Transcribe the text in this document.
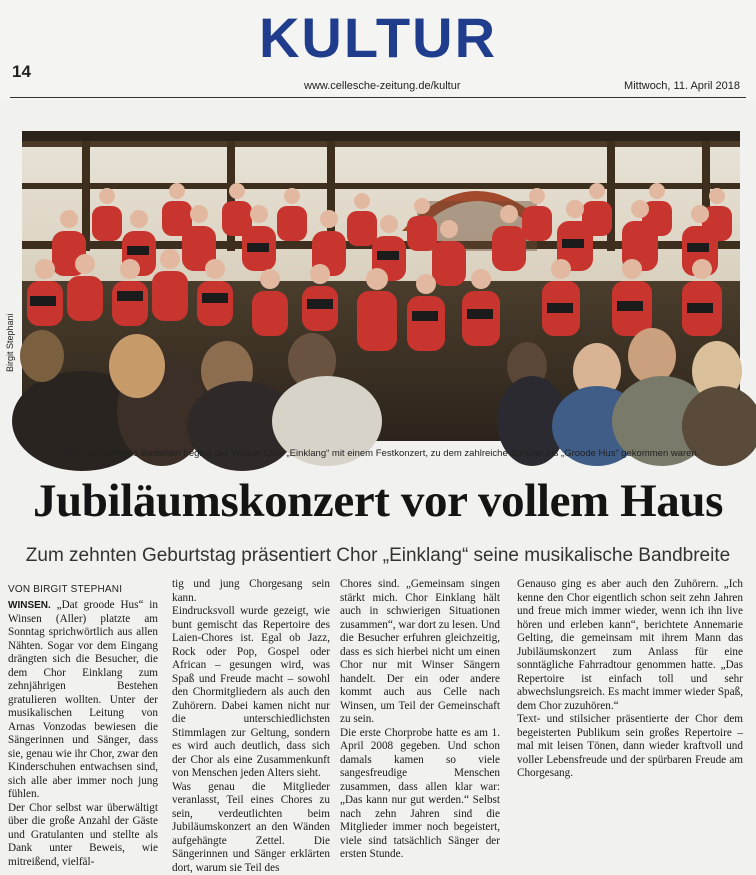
KULTUR
14
www.cellesche-zeitung.de/kultur	Mittwoch, 11. April 2018
Birgit Stephani
Sein zehnjähriges Bestehen beging der Winser Chor „Einklang“ mit einem Festkonzert, zu dem zahlreiche Zuhörer ins „Groode Hus“ gekommen waren.
Jubiläumskonzert vor vollem Haus
Zum zehnten Geburtstag präsentiert Chor „Einklang“ seine musikalische Bandbreite
VON BIRGIT STEPHANI

WINSEN. „Dat groode Hus“ in Winsen (Aller) platzte am Sonntag sprichwörtlich aus allen Nähten. Sogar vor dem Eingang drängten sich die Besucher, die dem Chor Einklang zum zehnjährigen Bestehen gratulieren wollten. Unter der musikalischen Leitung von Arnas Vonzodas bewiesen die Sängerinnen und Sänger, dass sie, genau wie ihr Chor, zwar den Kinderschuhen entwachsen sind, sich alle aber immer noch jung fühlen.

Der Chor selbst war überwältigt über die große Anzahl der Gäste und Gratulanten und stellte als Dank unter Beweis, wie mitreißend, vielfäl-

tig und jung Chorgesang sein kann.

Eindrucksvoll wurde gezeigt, wie bunt gemischt das Repertoire des Laien-Chores ist. Egal ob Jazz, Rock oder Pop, Gospel oder African – gesungen wird, was Spaß und Freude macht – sowohl den Chormitgliedern als auch den Zuhörern. Dabei kamen nicht nur die unterschiedlichsten Stimmlagen zur Geltung, sondern es wird auch deutlich, dass sich der Chor als eine Zusammenkunft von Menschen jeden Alters sieht.

Was genau die Mitglieder veranlasst, Teil eines Chores zu sein, verdeutlichten beim Jubiläumskonzert an den Wänden aufgehängte Zettel. Die Sängerinnen und Sänger erklärten dort, warum sie Teil des

Chores sind. „Gemeinsam singen stärkt mich. Chor Einklang hält auch in schwierigen Situationen zusammen“, war dort zu lesen. Und die Besucher erfuhren gleichzeitig, dass es sich hierbei nicht um einen Chor nur mit Winser Sängern handelt. Der ein oder andere kommt auch aus Celle nach Winsen, um Teil der Gemeinschaft zu sein.

Die erste Chorprobe hatte es am 1. April 2008 gegeben. Und schon damals kamen so viele sangesfreudige Menschen zusammen, dass allen klar war: „Das kann nur gut werden.“ Selbst nach zehn Jahren sind die Mitglieder immer noch begeistert, viele sind tatsächlich Sänger der ersten Stunde.

Genauso ging es aber auch den Zuhörern. „Ich kenne den Chor eigentlich schon seit zehn Jahren und freue mich immer wieder, wenn ich ihn live hören und erleben kann“, berichtete Annemarie Gelting, die gemeinsam mit ihrem Mann das Jubiläumskonzert zum Anlass für eine sonntägliche Fahrradtour genommen hatte. „Das Repertoire ist einfach toll und sehr abwechslungsreich. Es macht immer wieder Spaß, dem Chor zuzuhören.“

Text- und stilsicher präsentierte der Chor dem begeisterten Publikum sein großes Repertoire – mal mit leisen Tönen, dann wieder kraftvoll und voller Lebensfreude und der spürbaren Freude am Chorgesang.
